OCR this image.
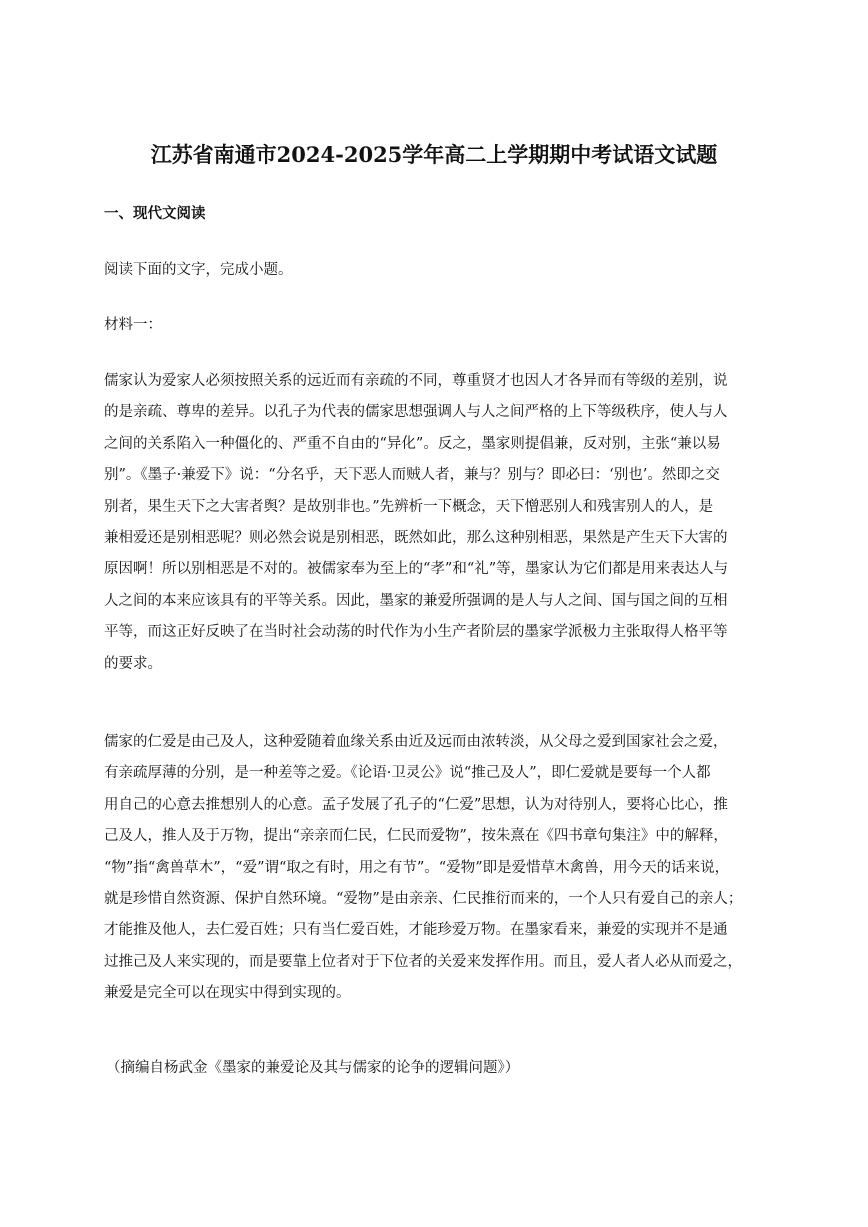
江苏省南通市2024-2025学年高二上学期期中考试语文试题
一、现代文阅读
阅读下面的文字，完成小题。
材料一：

儒家认为爱家人必须按照关系的远近而有亲疏的不同，尊重贤才也因人才各异而有等级的差别，说
的是亲疏、尊卑的差异。以孔子为代表的儒家思想强调人与人之间严格的上下等级秩序，使人与人
之间的关系陷入一种僵化的、严重不自由的“异化”。反之，墨家则提倡兼，反对别，主张“兼以易
别”。《墨子·兼爱下》说：“分名乎，天下恶人而贼人者，兼与？别与？即必曰：‘别也’。然即之交
别者，果生天下之大害者舆？是故别非也。”先辨析一下概念，天下憎恶别人和残害别人的人，是
兼相爱还是别相恶呢？则必然会说是别相恶，既然如此，那么这种别相恶，果然是产生天下大害的
原因啊！所以别相恶是不对的。被儒家奉为至上的“孝”和“礼”等，墨家认为它们都是用来表达人与
人之间的本来应该具有的平等关系。因此，墨家的兼爱所强调的是人与人之间、国与国之间的互相
平等，而这正好反映了在当时社会动荡的时代作为小生产者阶层的墨家学派极力主张取得人格平等
的要求。

儒家的仁爱是由己及人，这种爱随着血缘关系由近及远而由浓转淡，从父母之爱到国家社会之爱，
有亲疏厚薄的分别，是一种差等之爱。《论语·卫灵公》说“推己及人”，即仁爱就是要每一个人都
用自己的心意去推想别人的心意。孟子发展了孔子的“仁爱”思想，认为对待别人，要将心比心，推
己及人，推人及于万物，提出“亲亲而仁民，仁民而爱物”，按朱熹在《四书章句集注》中的解释，
“物”指“禽兽草木”，“爱”谓“取之有时，用之有节”。“爱物”即是爱惜草木禽兽，用今天的话来说，
就是珍惜自然资源、保护自然环境。“爱物”是由亲亲、仁民推衍而来的，一个人只有爱自己的亲人；
才能推及他人，去仁爱百姓；只有当仁爱百姓，才能珍爱万物。在墨家看来，兼爱的实现并不是通
过推己及人来实现的，而是要靠上位者对于下位者的关爱来发挥作用。而且，爱人者人必从而爱之，
兼爱是完全可以在现实中得到实现的。

（摘编自杨武金《墨家的兼爱论及其与儒家的论争的逻辑问题》）
